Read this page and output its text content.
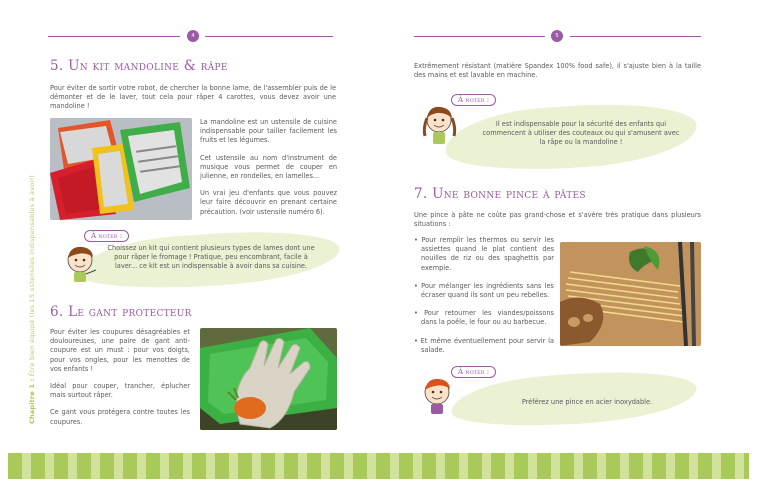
4
Chapitre 1 : Être bien équipé (les 15 ustensiles indispensables à avoir)
5. Un kit mandoline & râpe
Pour éviter de sortir votre robot, de chercher la bonne lame, de l'assembler puis de le démonter et de le laver, tout cela pour râper 4 carottes, vous devez avoir une mandoline !

La mandoline est un ustensile de cuisine indispensable pour tailler facilement les fruits et les légumes.

Cet ustensile au nom d'instrument de musique vous permet de couper en julienne, en rondelles, en lamelles...

Un vrai jeu d'enfants que vous pouvez leur faire découvrir en prenant certaine précaution. (voir ustensile numéro 6).

À noter :
Choissez un kit qui contient plusieurs types de lames dont une pour râper le fromage ! Pratique, peu encombrant, facile à laver... ce kit est un indispensable à avoir dans sa cuisine.
6. Le gant protecteur

Pour éviter les coupures désagréables et douloureuses, une paire de gant anti-coupure est un must : pour vos doigts, pour vos ongles, pour les menottes de vos enfants !

Idéal pour couper, trancher, éplucher mais surtout râper.

Ce gant vous protégera contre toutes les coupures.

5
Extrêmement résistant (matière Spandex 100% food safe), il s'ajuste bien à la taille des mains et est lavable en machine.
À noter :
Il est indispensable pour la sécurité des enfants qui commencent à utiliser des couteaux ou qui s'amusent avec la râpe ou la mandoline !
7. Une bonne pince à pâtes
Une pince à pâte ne coûte pas grand-chose et s'avère très pratique dans plusieurs situations :
• Pour remplir les thermos ou servir les assiettes quand le plat contient des nouilles de riz ou des spaghettis par exemple.
• Pour mélanger les ingrédients sans les écraser quand ils sont un peu rebelles.
• Pour retourner les viandes/poissons dans la poêle, le four ou au barbecue.
• Et même éventuellement pour servir la salade.
À noter :
Préférez une pince en acier inoxydable.
